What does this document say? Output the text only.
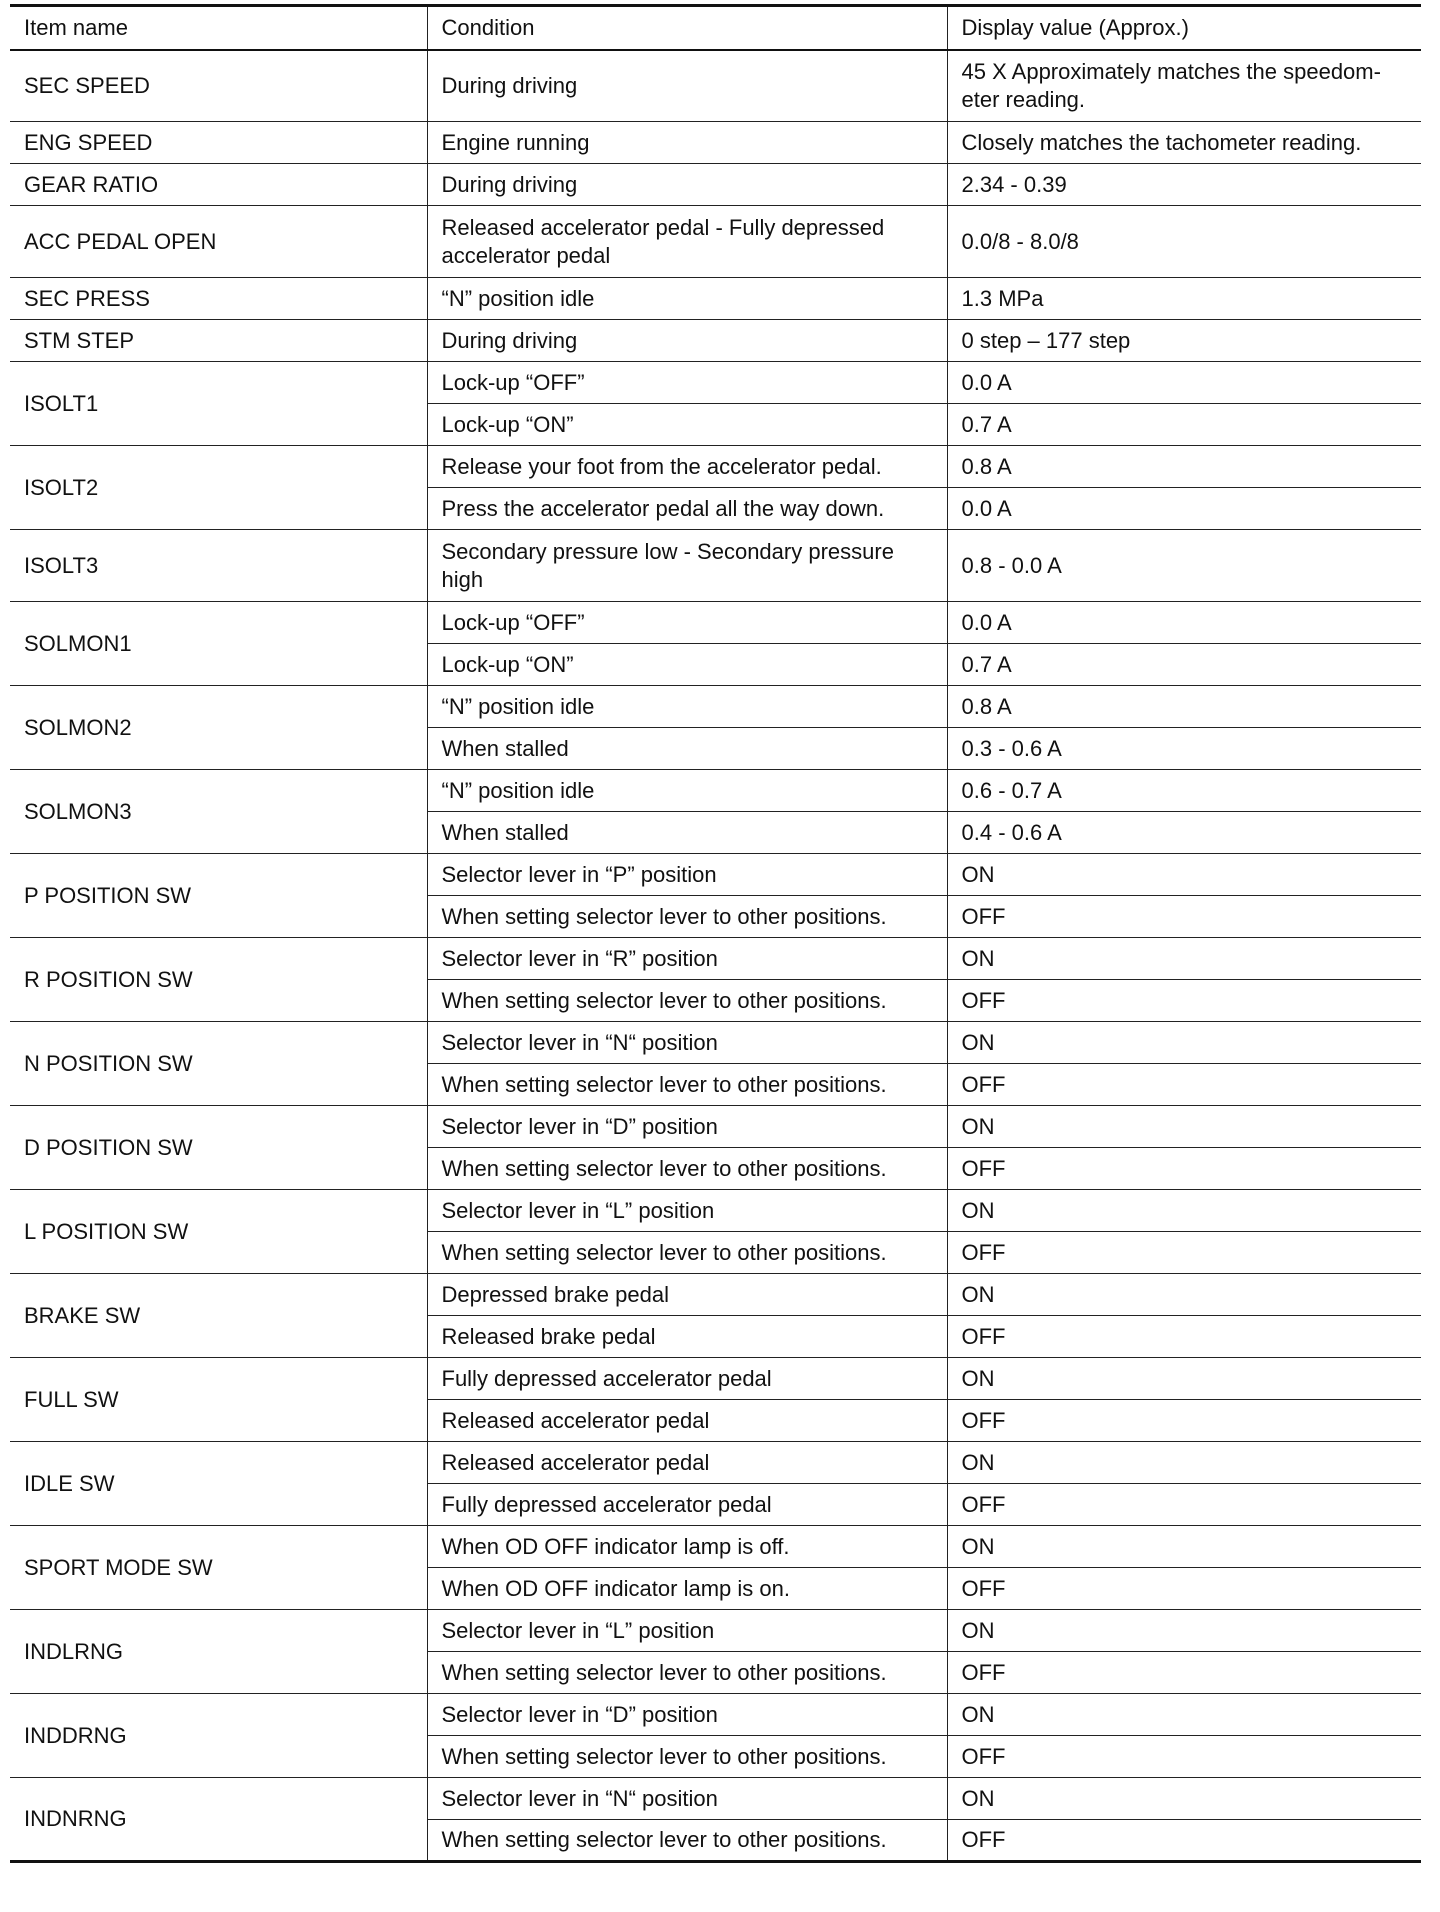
Item name	Condition	Display value (Approx.)
SEC SPEED	During driving	45 X Approximately matches the speedom-eter reading.
ENG SPEED	Engine running	Closely matches the tachometer reading.
GEAR RATIO	During driving	2.34 - 0.39
ACC PEDAL OPEN	Released accelerator pedal - Fully depressed accelerator pedal	0.0/8 - 8.0/8
SEC PRESS	“N” position idle	1.3 MPa
STM STEP	During driving	0 step – 177 step
ISOLT1	Lock-up “OFF”	0.0 A
	Lock-up “ON”	0.7 A
ISOLT2	Release your foot from the accelerator pedal.	0.8 A
	Press the accelerator pedal all the way down.	0.0 A
ISOLT3	Secondary pressure low - Secondary pressure high	0.8 - 0.0 A
SOLMON1	Lock-up “OFF”	0.0 A
	Lock-up “ON”	0.7 A
SOLMON2	“N” position idle	0.8 A
	When stalled	0.3 - 0.6 A
SOLMON3	“N” position idle	0.6 - 0.7 A
	When stalled	0.4 - 0.6 A
P POSITION SW	Selector lever in “P” position	ON
	When setting selector lever to other positions.	OFF
R POSITION SW	Selector lever in “R” position	ON
	When setting selector lever to other positions.	OFF
N POSITION SW	Selector lever in “N“ position	ON
	When setting selector lever to other positions.	OFF
D POSITION SW	Selector lever in “D” position	ON
	When setting selector lever to other positions.	OFF
L POSITION SW	Selector lever in “L” position	ON
	When setting selector lever to other positions.	OFF
BRAKE SW	Depressed brake pedal	ON
	Released brake pedal	OFF
FULL SW	Fully depressed accelerator pedal	ON
	Released accelerator pedal	OFF
IDLE SW	Released accelerator pedal	ON
	Fully depressed accelerator pedal	OFF
SPORT MODE SW	When OD OFF indicator lamp is off.	ON
	When OD OFF indicator lamp is on.	OFF
INDLRNG	Selector lever in “L” position	ON
	When setting selector lever to other positions.	OFF
INDDRNG	Selector lever in “D” position	ON
	When setting selector lever to other positions.	OFF
INDNRNG	Selector lever in “N“ position	ON
	When setting selector lever to other positions.	OFF
